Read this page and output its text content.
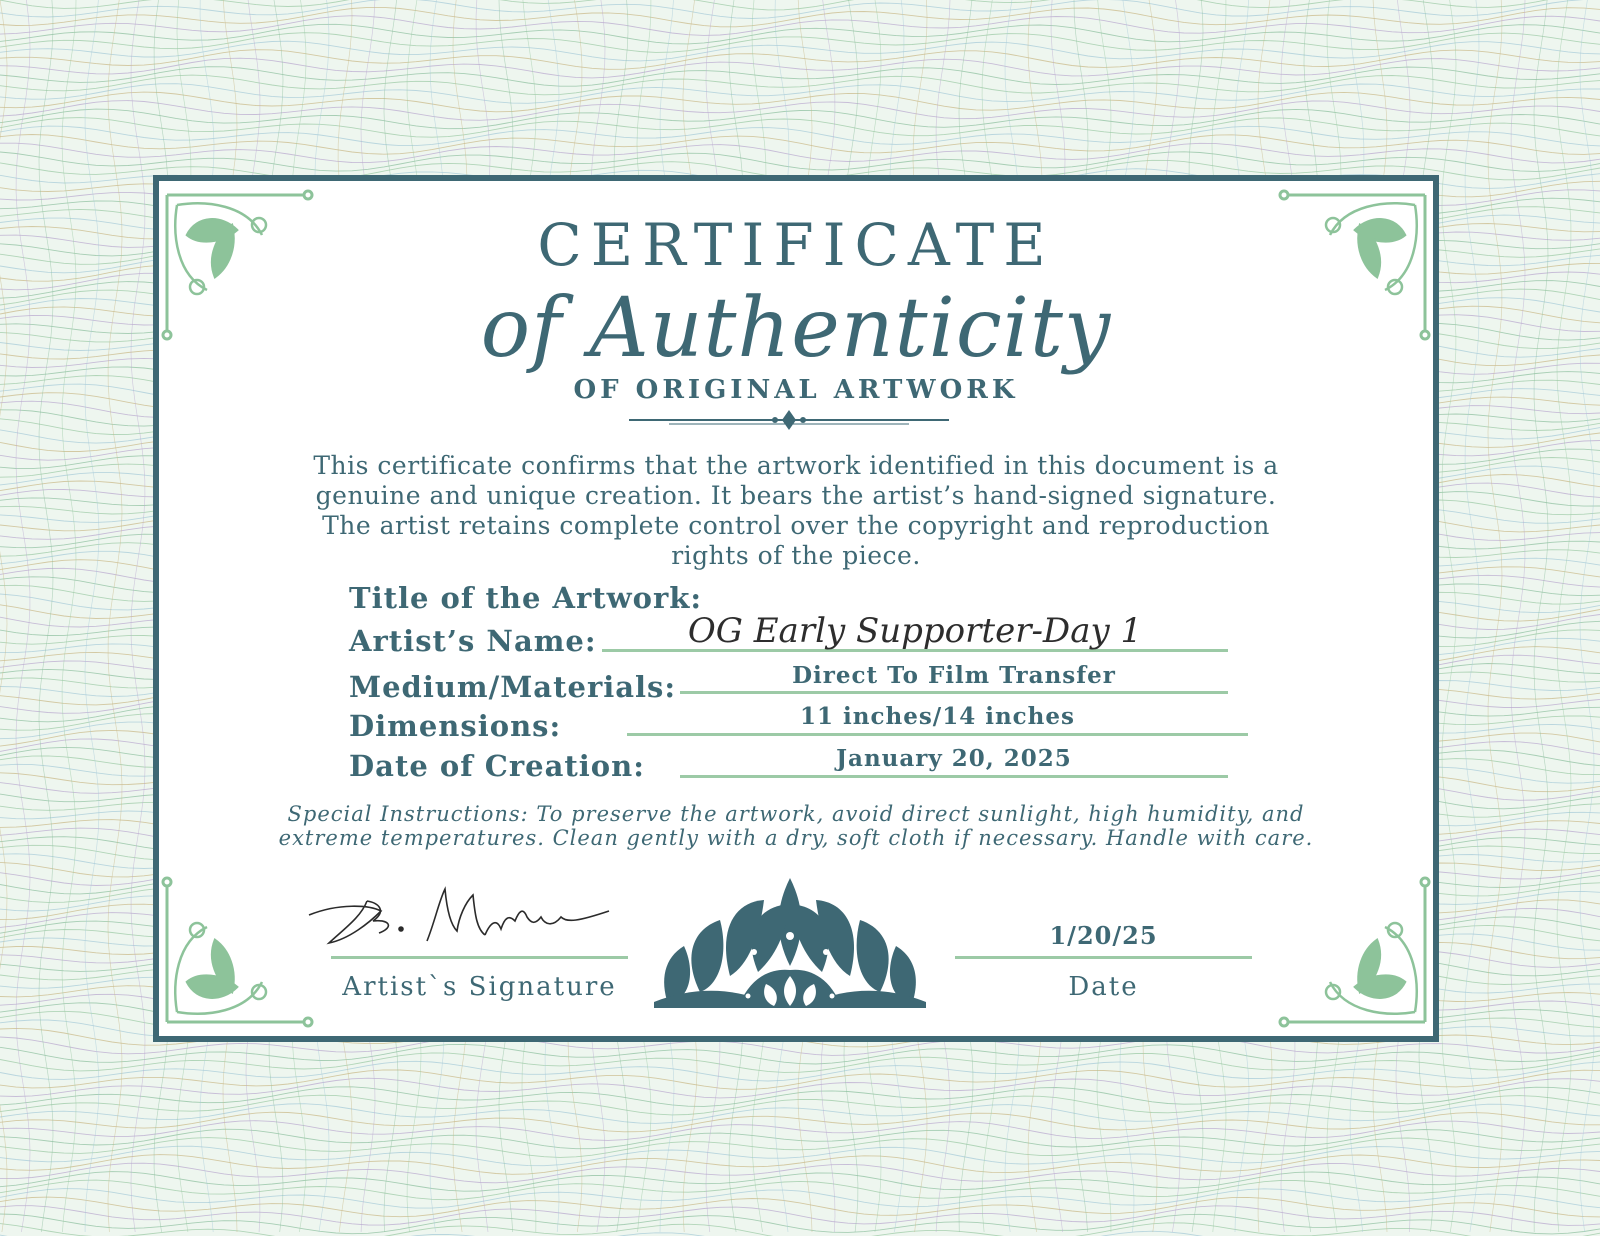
CERTIFICATE
of Authenticity
OF ORIGINAL ARTWORK
This certificate confirms that the artwork identified in this document is a genuine and unique creation. It bears the artist’s hand-signed signature. The artist retains complete control over the copyright and reproduction rights of the piece.
Title of the Artwork:
Artist’s Name:	OG Early Supporter-Day 1
Medium/Materials:	Direct To Film Transfer
Dimensions:	11 inches/14 inches
Date of Creation:	January 20, 2025
Special Instructions: To preserve the artwork, avoid direct sunlight, high humidity, and extreme temperatures. Clean gently with a dry, soft cloth if necessary. Handle with care.
B. Martinez
Artist`s Signature
1/20/25
Date
